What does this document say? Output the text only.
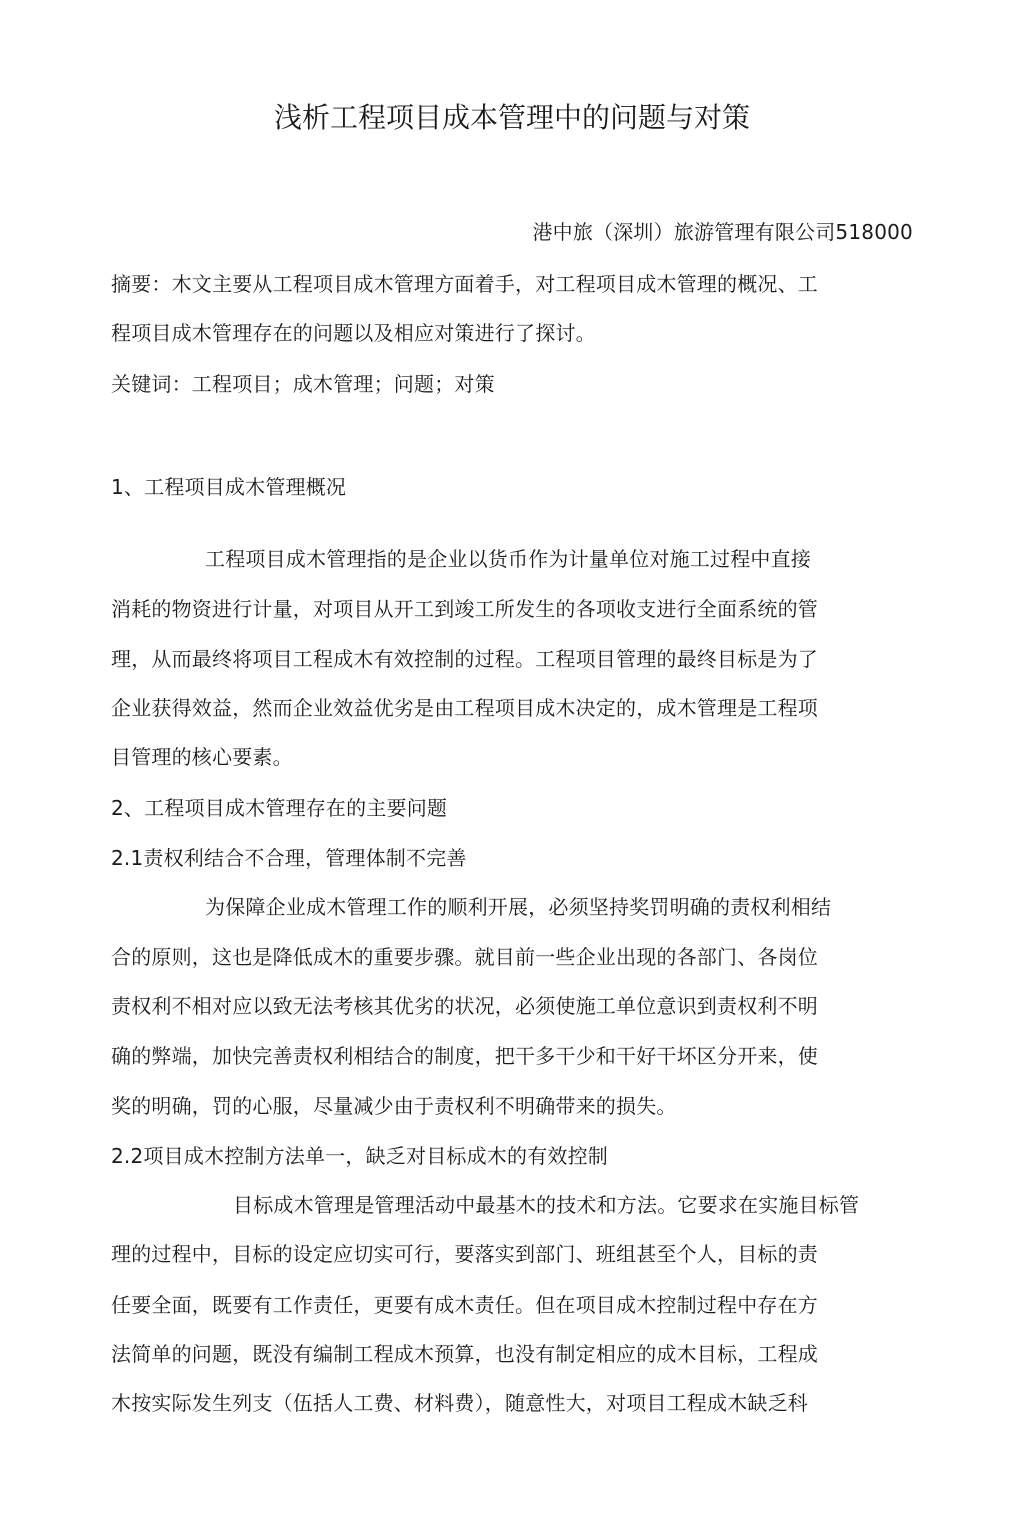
浅析工程项目成本管理中的问题与对策
港中旅（深圳）旅游管理有限公司518000
摘要：木文主要从工程项目成木管理方面着手，对工程项目成木管理的概况、工
程项目成木管理存在的问题以及相应对策进行了探讨。
关键词：工程项目；成木管理；问题；对策
1、工程项目成木管理概况
工程项目成木管理指的是企业以货币作为计量单位对施工过程中直接
消耗的物资进行计量，对项目从开工到竣工所发生的各项收支进行全面系统的管
理，从而最终将项目工程成木有效控制的过程。工程项目管理的最终目标是为了
企业获得效益，然而企业效益优劣是由工程项目成木决定的，成木管理是工程项
目管理的核心要素。
2、工程项目成木管理存在的主要问题
2.1责权利结合不合理，管理体制不完善
为保障企业成木管理工作的顺利开展，必须坚持奖罚明确的责权利相结
合的原则，这也是降低成木的重要步骤。就目前一些企业出现的各部门、各岗位
责权利不相对应以致无法考核其优劣的状况，必须使施工单位意识到责权利不明
确的弊端，加快完善责权利相结合的制度，把干多干少和干好干坏区分开来，使
奖的明确，罚的心服，尽量减少由于责权利不明确带来的损失。
2.2项目成木控制方法单一，缺乏对目标成木的有效控制
目标成木管理是管理活动中最基木的技术和方法。它要求在实施目标管
理的过程中，目标的设定应切实可行，要落实到部门、班组甚至个人，目标的责
任要全面，既要有工作责任，更要有成木责任。但在项目成木控制过程中存在方
法简单的问题，既没有编制工程成木预算，也没有制定相应的成木目标，工程成
木按实际发生列支（伍括人工费、材料费），随意性大，对项目工程成木缺乏科
